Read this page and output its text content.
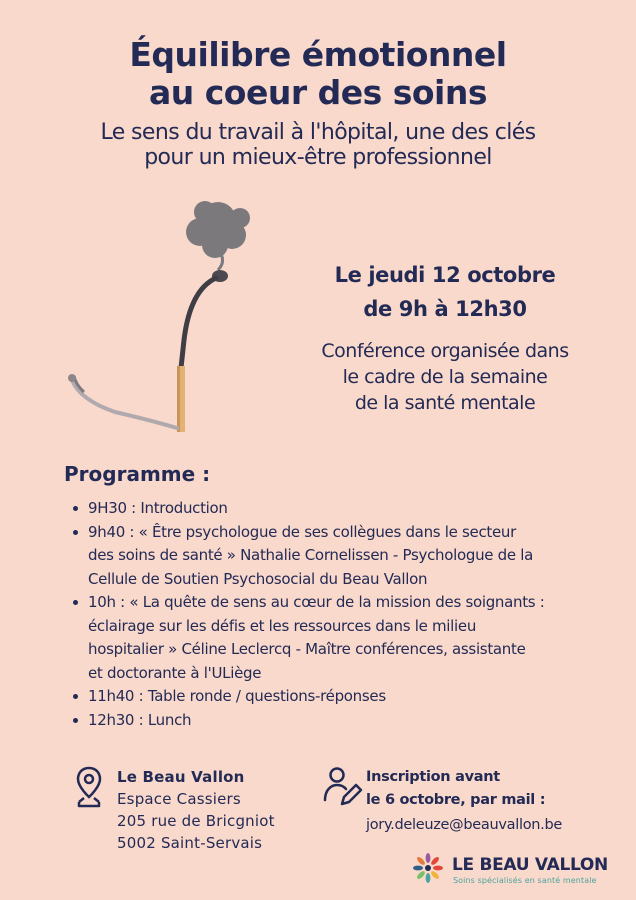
Équilibre émotionnel
au coeur des soins
Le sens du travail à l'hôpital, une des clés
pour un mieux-être professionnel
Le jeudi 12 octobre
de 9h à 12h30
Conférence organisée dans
le cadre de la semaine
de la santé mentale
Programme :
9H30 : Introduction
9h40 : « Être psychologue de ses collègues dans le secteur
des soins de santé » Nathalie Cornelissen - Psychologue de la
Cellule de Soutien Psychosocial du Beau Vallon
10h : « La quête de sens au cœur de la mission des soignants :
éclairage sur les défis et les ressources dans le milieu
hospitalier » Céline Leclercq - Maître conférences, assistante
et doctorante à l'ULiège
11h40 : Table ronde / questions-réponses
12h30 : Lunch
Le Beau Vallon
Espace Cassiers
205 rue de Bricgniot
5002 Saint-Servais
Inscription avant
le 6 octobre, par mail :
jory.deleuze@beauvallon.be
LE BEAU VALLON
Soins spécialisés en santé mentale
